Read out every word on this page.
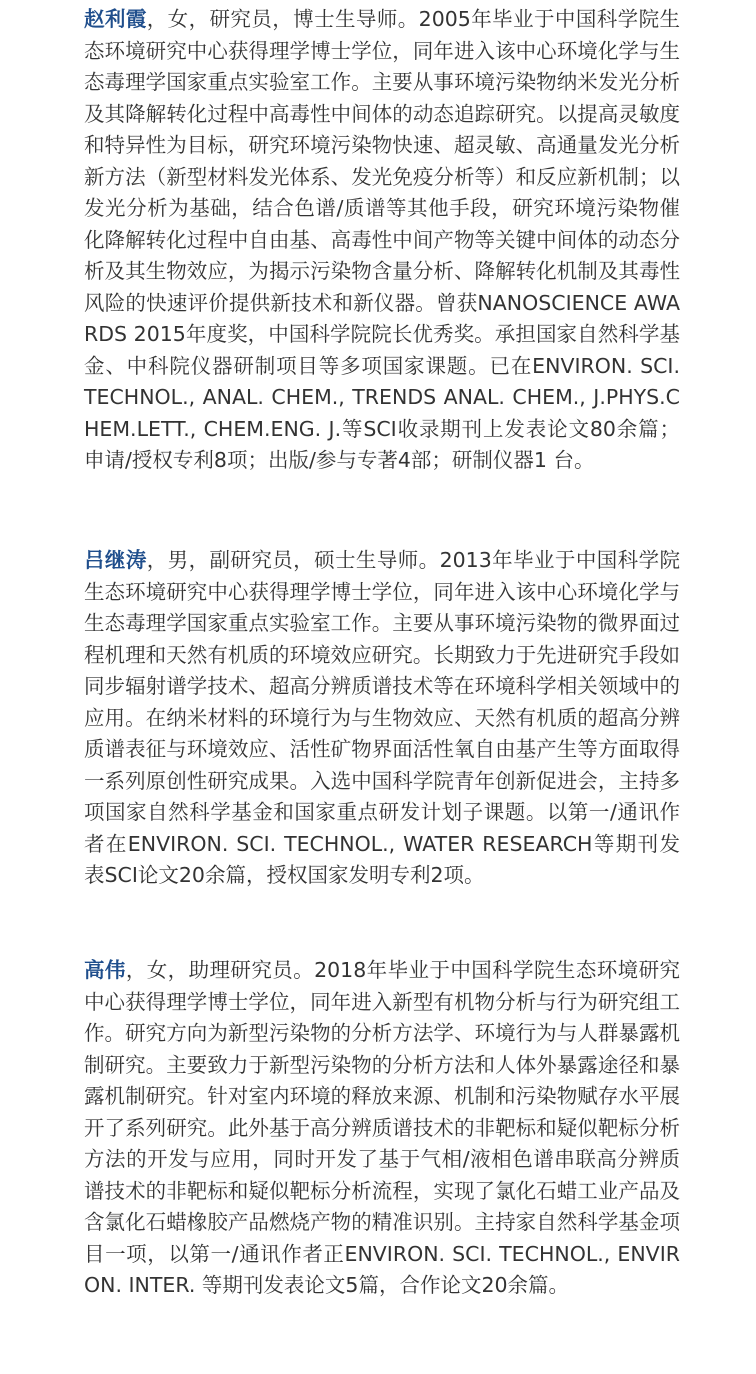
赵利霞，女，研究员，博士生导师。2005年毕业于中国科学院生态环境研究中心获得理学博士学位，同年进入该中心环境化学与生态毒理学国家重点实验室工作。主要从事环境污染物纳米发光分析及其降解转化过程中高毒性中间体的动态追踪研究。以提高灵敏度和特异性为目标，研究环境污染物快速、超灵敏、高通量发光分析新方法（新型材料发光体系、发光免疫分析等）和反应新机制；以发光分析为基础，结合色谱/质谱等其他手段，研究环境污染物催化降解转化过程中自由基、高毒性中间产物等关键中间体的动态分析及其生物效应，为揭示污染物含量分析、降解转化机制及其毒性风险的快速评价提供新技术和新仪器。曾获NANOSCIENCE AWARDS 2015年度奖，中国科学院院长优秀奖。承担国家自然科学基金、中科院仪器研制项目等多项国家课题。已在ENVIRON. SCI. TECHNOL., ANAL. CHEM., TRENDS ANAL. CHEM., J.PHYS.CHEM.LETT., CHEM.ENG. J.等SCI收录期刊上发表论文80余篇；申请/授权专利8项；出版/参与专著4部；研制仪器1 台。

吕继涛，男，副研究员，硕士生导师。2013年毕业于中国科学院生态环境研究中心获得理学博士学位，同年进入该中心环境化学与生态毒理学国家重点实验室工作。主要从事环境污染物的微界面过程机理和天然有机质的环境效应研究。长期致力于先进研究手段如同步辐射谱学技术、超高分辨质谱技术等在环境科学相关领域中的应用。在纳米材料的环境行为与生物效应、天然有机质的超高分辨质谱表征与环境效应、活性矿物界面活性氧自由基产生等方面取得一系列原创性研究成果。入选中国科学院青年创新促进会，主持多项国家自然科学基金和国家重点研发计划子课题。以第一/通讯作者在ENVIRON. SCI. TECHNOL., WATER RESEARCH等期刊发表SCI论文20余篇，授权国家发明专利2项。

高伟，女，助理研究员。2018年毕业于中国科学院生态环境研究中心获得理学博士学位，同年进入新型有机物分析与行为研究组工作。研究方向为新型污染物的分析方法学、环境行为与人群暴露机制研究。主要致力于新型污染物的分析方法和人体外暴露途径和暴露机制研究。针对室内环境的释放来源、机制和污染物赋存水平展开了系列研究。此外基于高分辨质谱技术的非靶标和疑似靶标分析方法的开发与应用，同时开发了基于气相/液相色谱串联高分辨质谱技术的非靶标和疑似靶标分析流程，实现了氯化石蜡工业产品及含氯化石蜡橡胶产品燃烧产物的精准识别。主持家自然科学基金项目一项，以第一/通讯作者正ENVIRON. SCI. TECHNOL., ENVIRON. INTER. 等期刊发表论文5篇，合作论文20余篇。
